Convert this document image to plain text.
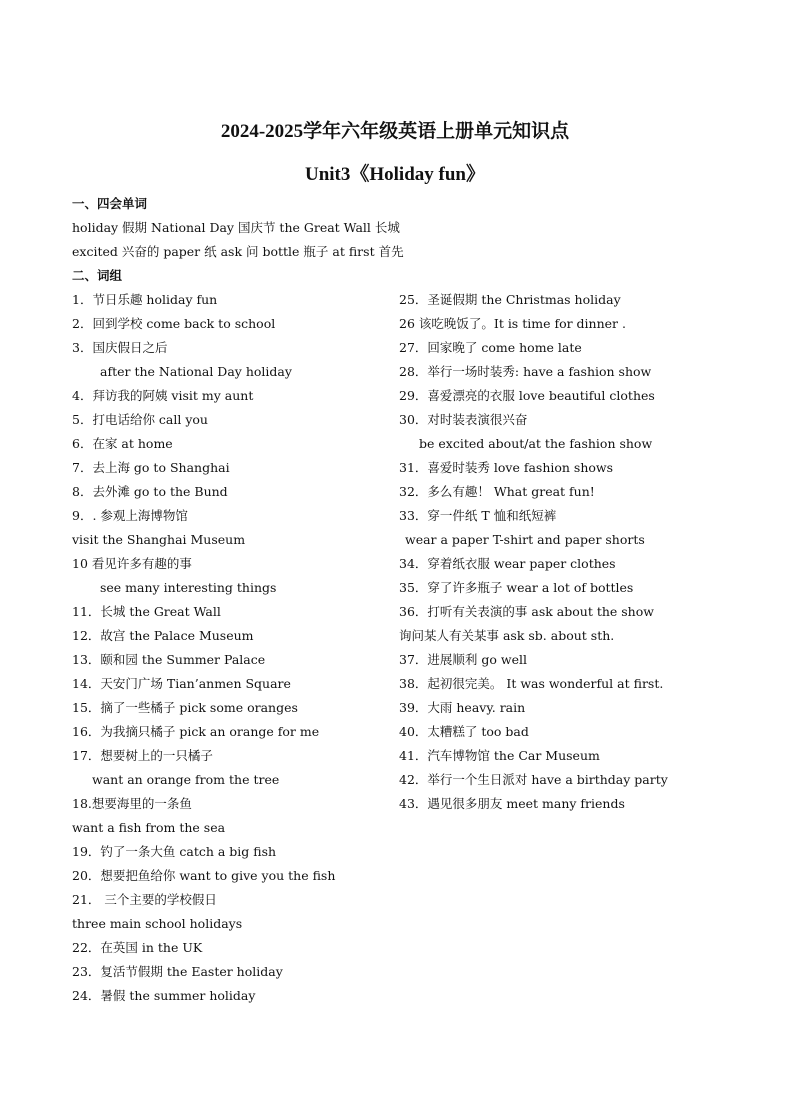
2024-2025学年六年级英语上册单元知识点
Unit3《Holiday fun》
一、四会单词
holiday 假期 National Day 国庆节 the Great Wall 长城
excited 兴奋的 paper 纸 ask 问 bottle 瓶子 at first 首先
二、词组
1．节日乐趣 holiday fun
2．回到学校 come back to school
3．国庆假日之后
after the National Day holiday
4．拜访我的阿姨 visit my aunt
5．打电话给你 call you
6．在家 at home
7．去上海 go to Shanghai
8．去外滩 go to the Bund
9．. 参观上海博物馆
visit the Shanghai Museum
10 看见许多有趣的事
see many interesting things
11．长城 the Great Wall
12．故宫 the Palace Museum
13．颐和园 the Summer Palace
14．天安门广场 Tian’anmen Square
15．摘了一些橘子 pick some oranges
16．为我摘只橘子 pick an orange for me
17．想要树上的一只橘子
want an orange from the tree
18.想要海里的一条鱼
want a fish from the sea
19．钓了一条大鱼 catch a big fish
20．想要把鱼给你 want to give you the fish
21． 三个主要的学校假日
three main school holidays
22．在英国 in the UK
23．复活节假期 the Easter holiday
24．暑假 the summer holiday
25．圣诞假期 the Christmas holiday
26 该吃晚饭了。It is time for dinner .
27．回家晚了 come home late
28．举行一场时装秀: have a fashion show
29．喜爱漂亮的衣服 love beautiful clothes
30．对时装表演很兴奋
be excited about/at the fashion show
31．喜爱时装秀 love fashion shows
32．多么有趣！ What great fun!
33．穿一件纸 T 恤和纸短裤
wear a paper T-shirt and paper shorts
34．穿着纸衣服 wear paper clothes
35．穿了许多瓶子 wear a lot of bottles
36．打听有关表演的事 ask about the show
询问某人有关某事 ask sb. about sth.
37．进展顺利 go well
38．起初很完美。 It was wonderful at first.
39．大雨 heavy. rain
40．太糟糕了 too bad
41．汽车博物馆 the Car Museum
42．举行一个生日派对 have a birthday party
43．遇见很多朋友 meet many friends
